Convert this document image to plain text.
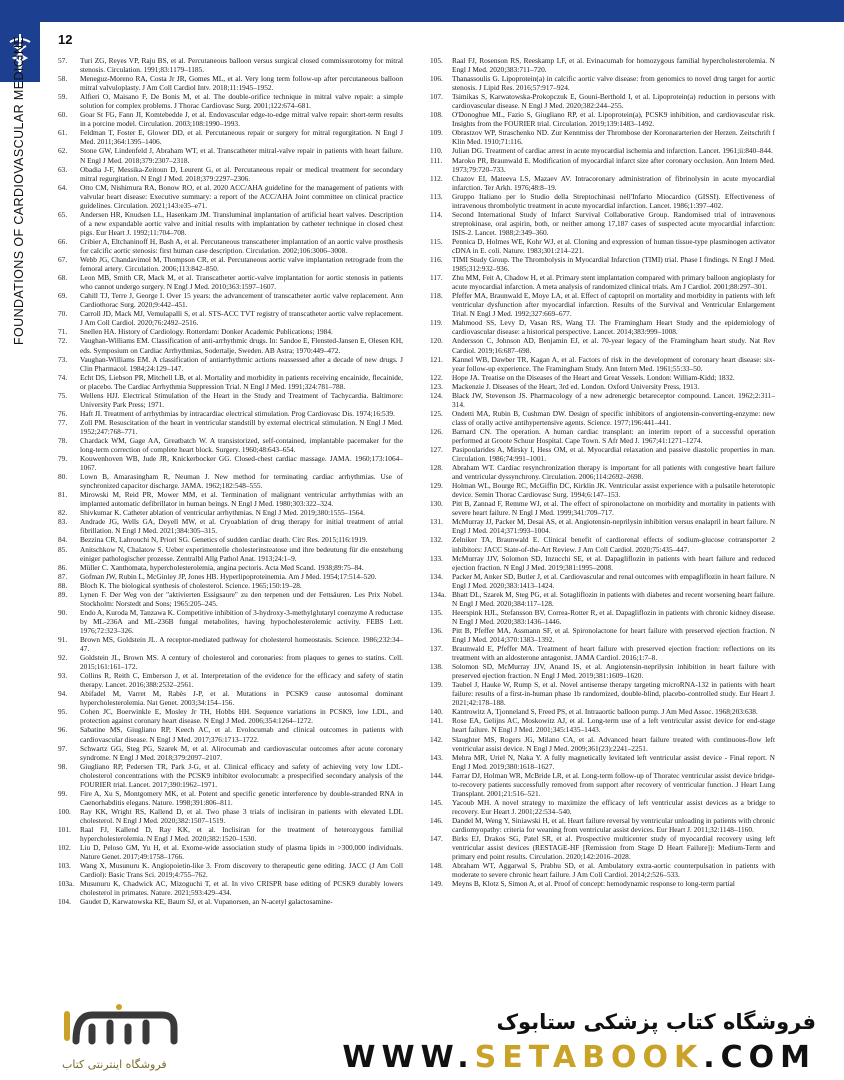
12
FOUNDATIONS OF CARDIOVASCULAR MEDICINE	57.	Turi ZG, Reyes VP, Raju BS, et al. Percutaneous balloon versus surgical closed commissurotomy for mitral stenosis. Circulation. 1991;83:1179–1185.
58.	Meneguz-Moreno RA, Costa Jr JR, Gomes ML, et al. Very long term follow-up after percutaneous balloon mitral valvuloplasty. J Am Coll Cardiol Intv. 2018;11:1945–1952.
59.	Alfieri O, Maisano F, De Bonis M, et al. The double-orifice technique in mitral valve repair: a simple solution for complex problems. J Thorac Cardiovasc Surg. 2001;122:674–681.
60.	Goar St FG, Fann JI, Komtebedde J, et al. Endovascular edge-to-edge mitral valve repair: short-term results in a porcine model. Circulation. 2003;108:1990–1993.
61.	Feldman T, Foster E, Glower DD, et al. Percutaneous repair or surgery for mitral regurgitation. N Engl J Med. 2011;364:1395–1406.
62.	Stone GW, Lindenfeld J, Abraham WT, et al. Transcatheter mitral-valve repair in patients with heart failure. N Engl J Med. 2018;379:2307–2318.
63.	Obadia J-F, Messika-Zeitoun D, Leurent G, et al. Percutaneous repair or medical treatment for secondary mitral regurgitation. N Engl J Med. 2018;379:2297–2306.
64.	Otto CM, Nishimura RA, Bonow RO, et al. 2020 ACC/AHA guideline for the management of patients with valvular heart disease: Executive summary: a report of the ACC/AHA Joint committee on clinical practice guidelines. Circulation. 2021;143:e35–e71.
65.	Andersen HR, Knudsen LL, Hasenkam JM. Transluminal implantation of artificial heart valves. Description of a new expandable aortic valve and initial results with implantation by catheter technique in closed chest pigs. Eur Heart J. 1992;11:704–708.
66.	Cribier A, Eltchaninoff H, Bash A, et al. Percutaneous transcatheter implantation of an aortic valve prosthesis for calcific aortic stenosis: first human case description. Circulation. 2002;106:3006–3008.
67.	Webb JG, Chandavimol M, Thompson CR, et al. Percutaneous aortic valve implantation retrograde from the femoral artery. Circulation. 2006;113:842–850.
68.	Leon MB, Smith CR, Mack M, et al. Transcatheter aortic-valve implantation for aortic stenosis in patients who cannot undergo surgery. N Engl J Med. 2010;363:1597–1607.
69.	Cahill TJ, Terre J, George I. Over 15 years: the advancement of transcatheter aortic valve replacement. Ann Cardiothorac Surg. 2020;9:442–451.
70.	Carroll JD, Mack MJ, Vemulapalli S, et al. STS-ACC TVT registry of transcatheter aortic valve replacement. J Am Coll Cardiol. 2020;76:2492–2516.
71.	Snellen HA. History of Cardiology. Rotterdam: Donker Academic Publications; 1984.
72.	Vaughan-Williams EM. Classification of anti-arrhythmic drugs. In: Sandoe E, Flensted-Jansen E, Olesen KH, eds. Symposium on Cardiac Arrhythmias, Sodertalje, Sweden. AB Astra; 1970:449–472.
73.	Vaughan-Williams EM. A classification of antiarrhythmic actions reassessed after a decade of new drugs. J Clin Pharmacol. 1984;24:129–147.
74.	Echt DS, Liebson PR, Mitchell LB, et al. Mortality and morbidity in patients receiving encainide, flecainide, or placebo. The Cardiac Arrhythmia Suppression Trial. N Engl J Med. 1991;324:781–788.
75.	Wellens HJJ. Electrical Stimulation of the Heart in the Study and Treatment of Tachycardia. Baltimore: University Park Press; 1971.
76.	Haft JI. Treatment of arrhythmias by intracardiac electrical stimulation. Prog Cardiovasc Dis. 1974;16:539.
77.	Zoll PM. Resuscitation of the heart in ventricular standstill by external electrical stimulation. N Engl J Med. 1952;247:768–771.
78.	Chardack WM, Gage AA, Greatbatch W. A transistorized, self-contained, implantable pacemaker for the long-term correction of complete heart block. Surgery. 1960;48:643–654.
79.	Kouwenhoven WB, Jude JR, Knickerbocker GG. Closed-chest cardiac massage. JAMA. 1960;173:1064–1067.
80.	Lown B, Amarasingham R, Neuman J. New method for terminating cardiac arrhythmias. Use of synchronized capacitor discharge. JAMA. 1962;182:548–555.
81.	Mirowski M, Reid PR, Mower MM, et al. Termination of malignant ventricular arrhythmias with an implanted automatic defibrillator in human beings. N Engl J Med. 1980;303:322–324.
82.	Shivkumar K. Catheter ablation of ventricular arrhythmias. N Engl J Med. 2019;380:1555–1564.
83.	Andrade JG, Wells GA, Deyell MW, et al. Cryoablation of drug therapy for initial treatment of atrial fibrillation. N Engl J Med. 2021;384:305–315.
84.	Bezzina CR, Lahrouchi N, Priori SG. Genetics of sudden cardiac death. Circ Res. 2015;116:1919.
85.	Anitschkow N, Chalatow S. Ueber experimentelle cholesterinsteatose und ihre bedeutung für die entstehung einiger pathologischer prozesse. Zentralbl Allg Pathol Anat. 1913;24:1–9.
86.	Müller C. Xanthomata, hypercholesterolemia, angina pectoris. Acta Med Scand. 1938;89:75–84.
87.	Gofman JW, Rubin L, McGinley JP, Jones HB. Hyperlipoproteinemia. Am J Med. 1954;17:514–520.
88.	Bloch K. The biological synthesis of cholesterol. Science. 1965;150:19–28.
89.	Lynen F. Der Weg von der "aktivierten Essigsaure" zu den terpenen und der Fettsäuren. Les Prix Nobel. Stockholm: Norstedt and Sons; 1965:205–245.
90.	Endo A, Kuroda M, Tanzawa K. Competitive inhibition of 3-hydroxy-3-methylglutaryl coenzyme A reductase by ML-236A and ML-236B fungal metabolites, having hypocholesterolemic activity. FEBS Lett. 1976;72:323–326.
91.	Brown MS, Goldstein JL. A receptor-mediated pathway for cholesterol homeostasis. Science. 1986;232:34–47.
92.	Goldstein JL, Brown MS. A century of cholesterol and coronaries: from plaques to genes to statins. Cell. 2015;161:161–172.
93.	Collins R, Reith C, Emberson J, et al. Interpretation of the evidence for the efficacy and safety of statin therapy. Lancet. 2016;388:2532–2561.
94.	Abifadel M, Varret M, Rabès J-P, et al. Mutations in PCSK9 cause autosomal dominant hypercholesterolemia. Nat Genet. 2003;34:154–156.
95.	Cohen JC, Boerwinkle E, Mosley Jr TH, Hobbs HH. Sequence variations in PCSK9, low LDL, and protection against coronary heart disease. N Engl J Med. 2006;354:1264–1272.
96.	Sabatine MS, Giugliano RP, Keech AC, et al. Evolocumab and clinical outcomes in patients with cardiovascular disease. N Engl J Med. 2017;376:1713–1722.
97.	Schwartz GG, Steg PG, Szarek M, et al. Alirocumab and cardiovascular outcomes after acute coronary syndrome. N Engl J Med. 2018;379:2097–2107.
98.	Giugliano RP, Pedersen TR, Park J-G, et al. Clinical efficacy and safety of achieving very low LDL-cholesterol concentrations with the PCSK9 inhibitor evolocumab: a prespecified secondary analysis of the FOURIER trial. Lancet. 2017;390:1962–1971.
99.	Fire A, Xu S, Montgomery MK, et al. Potent and specific genetic interference by double-stranded RNA in Caenorhabditis elegans. Nature. 1998;391:806–811.
100.	Ray KK, Wright RS, Kallend D, et al. Two phase 3 trials of inclisiran in patients with elevated LDL cholesterol. N Engl J Med. 2020;382:1507–1519.
101.	Raal FJ, Kallend D, Ray KK, et al. Inclisiran for the treatment of heterozygous familial hypercholesterolemia. N Engl J Med. 2020;382:1520–1530.
102.	Liu D, Peloso GM, Yu H, et al. Exome-wide association study of plasma lipids in >300,000 individuals. Nature Genet. 2017;49:1758–1766.
103.	Wang X, Musunuru K. Angiopoietin-like 3. From discovery to therapeutic gene editing. JACC (J Am Coll Cardiol): Basic Trans Sci. 2019;4:755–762.
103a. Musunuru K, Chadwick AC, Mizoguchi T, et al. In vivo CRISPR base editing of PCSK9 durably lowers cholesterol in primates. Nature. 2021;593:429–434.
104.	Gaudet D, Karwatowska KE, Baum SJ, et al. Vupanorsen, an N-acetyl galactosamine-
105.	Raal FJ, Rosenson RS, Reeskamp LF, et al. Evinacumab for homozygous familial hypercholesterolemia. N Engl J Med. 2020;383:711–720.
106.	Thanassoulis G. Lipoprotein(a) in calcific aortic valve disease: from genomics to novel drug target for aortic stenosis. J Lipid Res. 2016;57:917–924.
107.	Tsimikas S, Karwatowska-Prokopczuk E, Gouni-Berthold I, et al. Lipoprotein(a) reduction in persons with cardiovascular disease. N Engl J Med. 2020;382:244–255.
108.	O'Donoghue ML, Fazio S, Giugliano RP, et al. Lipoprotein(a), PCSK9 inhibition, and cardiovascular risk. Insights from the FOURIER trial. Circulation. 2019;139:1483–1492.
109.	Obrastzov WP, Straschenko ND. Zur Kenntniss der Thrombose der Koronararterien der Herzen. Zeitschrift f Klin Med. 1910;71:116.
110.	Julian DG. Treatment of cardiac arrest in acute myocardial ischemia and infarction. Lancet. 1961;ii:840–844.
111.	Maroko PR, Braunwald E. Modification of myocardial infarct size after coronary occlusion. Ann Intern Med. 1973;79:720–733.
112.	Chazov EI, Mateeva LS, Mazaev AV. Intracoronary administration of fibrinolysin in acute myocardial infarction. Ter Arkh. 1976;48:8–19.
113.	Gruppo Italiano per lo Studio della Streptochinasi nell'Infarto Miocardico (GISSI). Effectiveness of intravenous thrombolytic treatment in acute myocardial infarction. Lancet. 1986;1:397–402.
114.	Second International Study of Infarct Survival Collaborative Group. Randomised trial of intravenous streptokinase, oral aspirin, both, or neither among 17,187 cases of suspected acute myocardial infarction: ISIS-2. Lancet. 1988;2:349–360.
115.	Pennica D, Holmes WE, Kohr WJ, et al. Cloning and expression of human tissue-type plasminogen activator cDNA in E. coli. Nature. 1983;301:214–221.
116.	TIMI Study Group. The Thrombolysis in Myocardial Infarction (TIMI) trial. Phase I findings. N Engl J Med. 1985;312:932–936.
117.	Zhu MM, Feit A, Chadow H, et al. Primary stent implantation compared with primary balloon angioplasty for acute myocardial infarction. A meta analysis of randomized clinical trials. Am J Cardiol. 2001;88:297–301.
118.	Pfeffer MA, Braunwald E, Moye LA, et al. Effect of captopril on mortality and morbidity in patients with left ventricular dysfunction after myocardial infarction. Results of the Survival and Ventricular Enlargement Trial. N Engl J Med. 1992;327:669–677.
119.	Mahmood SS, Levy D, Vasan RS, Wang TJ. The Framingham Heart Study and the epidemiology of cardiovascular disease: a historical perspective. Lancet. 2014;383:999–1008.
120.	Andersson C, Johnson AD, Benjamin EJ, et al. 70-year legacy of the Framingham heart study. Nat Rev Cardiol. 2019;16:687–698.
121.	Kannel WB, Dawber TR, Kagan A, et al. Factors of risk in the development of coronary heart disease: six-year follow-up experience. The Framingham Study. Ann Intern Med. 1961;55:33–50.
122.	Hope JA. Treatise on the Diseases of the Heart and Great Vessels. London: William-Kidd; 1832.
123.	Mackenzie J. Diseases of the Heart, 3rd ed. London. Oxford University Press, 1913.
124.	Black JW, Stevenson JS. Pharmacology of a new adrenergic betareceptor compound. Lancet. 1962;2:311–314.
125.	Ondetti MA, Rubin B, Cushman DW. Design of specific inhibitors of angiotensin-converting-enzyme: new class of orally active antihypertensive agents. Science. 1977;196:441–441.
126.	Barnard CN. The operation. A human cardiac transplant: an interim report of a successful operation performed at Groote Schuur Hospital. Cape Town. S Afr Med J. 1967;41:1271–1274.
127.	Pasipoularides A, Mirsky I, Hess OM, et al. Myocardial relaxation and passive diastolic properties in man. Circulation. 1986;74:991–1001.
128.	Abraham WT. Cardiac resynchronization therapy is important for all patients with congestive heart failure and ventricular dyssynchrony. Circulation. 2006;114:2692–2698.
129.	Holman WL, Bourge RC, McGiffin DC, Kirklin JK. Ventricular assist experience with a pulsatile heterotopic device. Semin Thorac Cardiovasc Surg. 1994;6:147–153.
130.	Pitt B, Zannad F, Remme WJ, et al. The effect of spironolactone on morbidity and mortality in patients with severe heart failure. N Engl J Med. 1999;341:709–717.
131.	McMurray JJ, Packer M, Desai AS, et al. Angiotensin-neprilysin inhibition versus enalapril in heart failure. N Engl J Med. 2014;371:993–1004.
132.	Zelniker TA, Braunwald E. Clinical benefit of cardiorenal effects of sodium-glucose cotransporter 2 inhibitors: JACC State-of-the-Art Review. J Am Coll Cardiol. 2020;75:435–447.
133.	McMurray JJV, Solomon SD, Inzucchi SE, et al. Dapagliflozin in patients with heart failure and reduced ejection fraction. N Engl J Med. 2019;381:1995–2008.
134.	Packer M, Anker SD, Butler J, et al. Cardiovascular and renal outcomes with empagliflozin in heart failure. N Engl J Med. 2020;383:1413–1424.
134a. Bhatt DL, Szarek M, Steg PG, et al. Sotagliflozin in patients with diabetes and recent worsening heart failure. N Engl J Med. 2020;384:117–128.
135.	Heerspink HJL, Stefansson BV, Correa-Rotter R, et al. Dapagliflozin in patients with chronic kidney disease. N Engl J Med. 2020;383:1436–1446.
136.	Pitt B, Pfeffer MA, Assmann SF, et al. Spironolactone for heart failure with preserved ejection fraction. N Engl J Med. 2014;370:1383–1392.
137.	Braunwald E, Pfeffer MA. Treatment of heart failure with preserved ejection fraction: reflections on its treatment with an aldosterone antagonist. JAMA Cardiol. 2016;1:7–8.
138.	Solomon SD, McMurray JJV, Anand IS, et al. Angiotensin-neprilysin inhibition in heart failure with preserved ejection fraction. N Engl J Med. 2019;381:1609–1620.
139.	Taubel J, Hauke W, Rump S, et al. Novel antisense therapy targeting microRNA-132 in patients with heart failure: results of a first-in-human phase 1b randomized, double-blind, placebo-controlled study. Eur Heart J. 2021;42:178–188.
140.	Kantrowitz A, Tjonneland S, Freed PS, et al. Intraaortic balloon pump. J Am Med Assoc. 1968;203:638.
141.	Rose EA, Gelijns AC, Moskowitz AJ, et al. Long-term use of a left ventricular assist device for end-stage heart failure. N Engl J Med. 2001;345:1435–1443.
142.	Slaughter MS, Rogers JG, Milano CA, et al. Advanced heart failure treated with continuous-flow left ventricular assist device. N Engl J Med. 2009;361(23):2241–2251.
143.	Mehra MR, Uriel N, Naka Y. A fully magnetically levitated left ventricular assist device - Final report. N Engl J Med. 2019;380:1618–1627.
144.	Farrar DJ, Holman WR, McBride LR, et al. Long-term follow-up of Thoratec ventricular assist device bridge-to-recovery patients successfully removed from support after recovery of ventricular function. J Heart Lung Transplant. 2001;21:516–521.
145.	Yacoub MH. A novel strategy to maximize the efficacy of left ventricular assist devices as a bridge to recovery. Eur Heart J. 2001;22:534–540.
146.	Dandel M, Weng Y, Siniawski H, et al. Heart failure reversal by ventricular unloading in patients with chronic cardiomyopathy: criteria for weaning from ventricular assist devices. Eur Heart J. 2011;32:1148–1160.
147.	Birks EJ, Drakos SG, Patel SR, et al. Prospective multicenter study of myocardial recovery using left ventricular assist devices (RESTAGE-HF [Remission from Stage D Heart Failure]): Medium-Term and primary end point results. Circulation. 2020;142:2016–2028.
148.	Abraham WT, Aggarwal S, Prabhu SD, et al. Ambulatory extra-aortic counterpulsation in patients with moderate to severe chronic heart failure. J Am Coll Cardiol. 2014;2:526–533.
149.	Meyns B, Klotz S, Simon A, et al. Proof of concept: hemodynamic response to long-term partial
فروشگاه اینترنتی کتاب
فروشگاه کتاب پزشکی ستابوک
WWW.SETABOOK.COM
